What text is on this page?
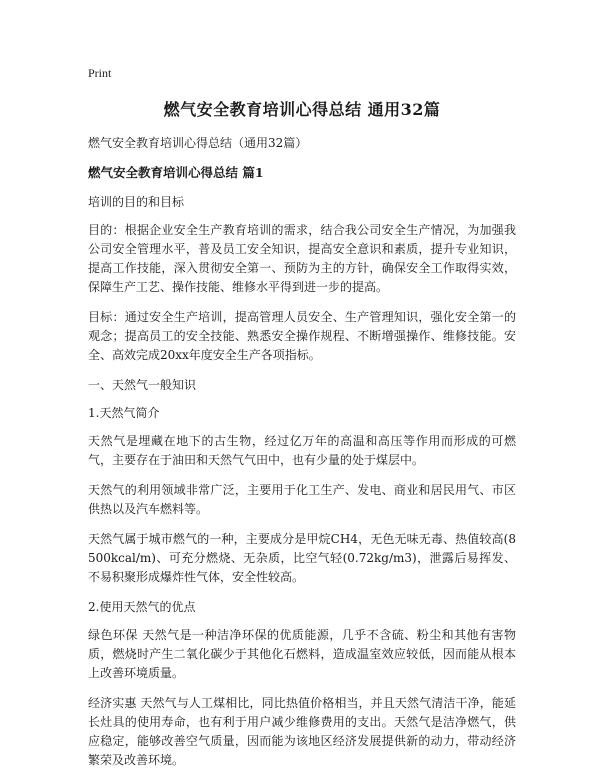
Print
燃气安全教育培训心得总结 通用32篇
燃气安全教育培训心得总结（通用32篇）
燃气安全教育培训心得总结 篇1
培训的目的和目标

目的：根据企业安全生产教育培训的需求，结合我公司安全生产情况，为加强我公司安全管理水平，普及员工安全知识，提高安全意识和素质，提升专业知识，提高工作技能，深入贯彻安全第一、预防为主的方针，确保安全工作取得实效，保障生产工艺、操作技能、维修水平得到进一步的提高。

目标：通过安全生产培训，提高管理人员安全、生产管理知识，强化安全第一的观念；提高员工的安全技能、熟悉安全操作规程、不断增强操作、维修技能。安全、高效完成20xx年度安全生产各项指标。

一、天然气一般知识
1.天然气简介

天然气是埋藏在地下的古生物，经过亿万年的高温和高压等作用而形成的可燃气，主要存在于油田和天然气气田中，也有少量的处于煤层中。

天然气的利用领域非常广泛，主要用于化工生产、发电、商业和居民用气、市区供热以及汽车燃料等。

天然气属于城市燃气的一种，主要成分是甲烷CH4，无色无味无毒、热值较高(8500kcal/m)、可充分燃烧、无杂质，比空气轻(0.72kg/m3)，泄露后易挥发、不易积聚形成爆炸性气体，安全性较高。

2.使用天然气的优点

绿色环保 天然气是一种洁净环保的优质能源，几乎不含硫、粉尘和其他有害物质，燃烧时产生二氧化碳少于其他化石燃料，造成温室效应较低，因而能从根本上改善环境质量。

经济实惠 天然气与人工煤相比，同比热值价格相当，并且天然气清洁干净，能延长灶具的使用寿命，也有利于用户减少维修费用的支出。天然气是洁净燃气，供应稳定，能够改善空气质量，因而能为该地区经济发展提供新的动力，带动经济繁荣及改善环境。
